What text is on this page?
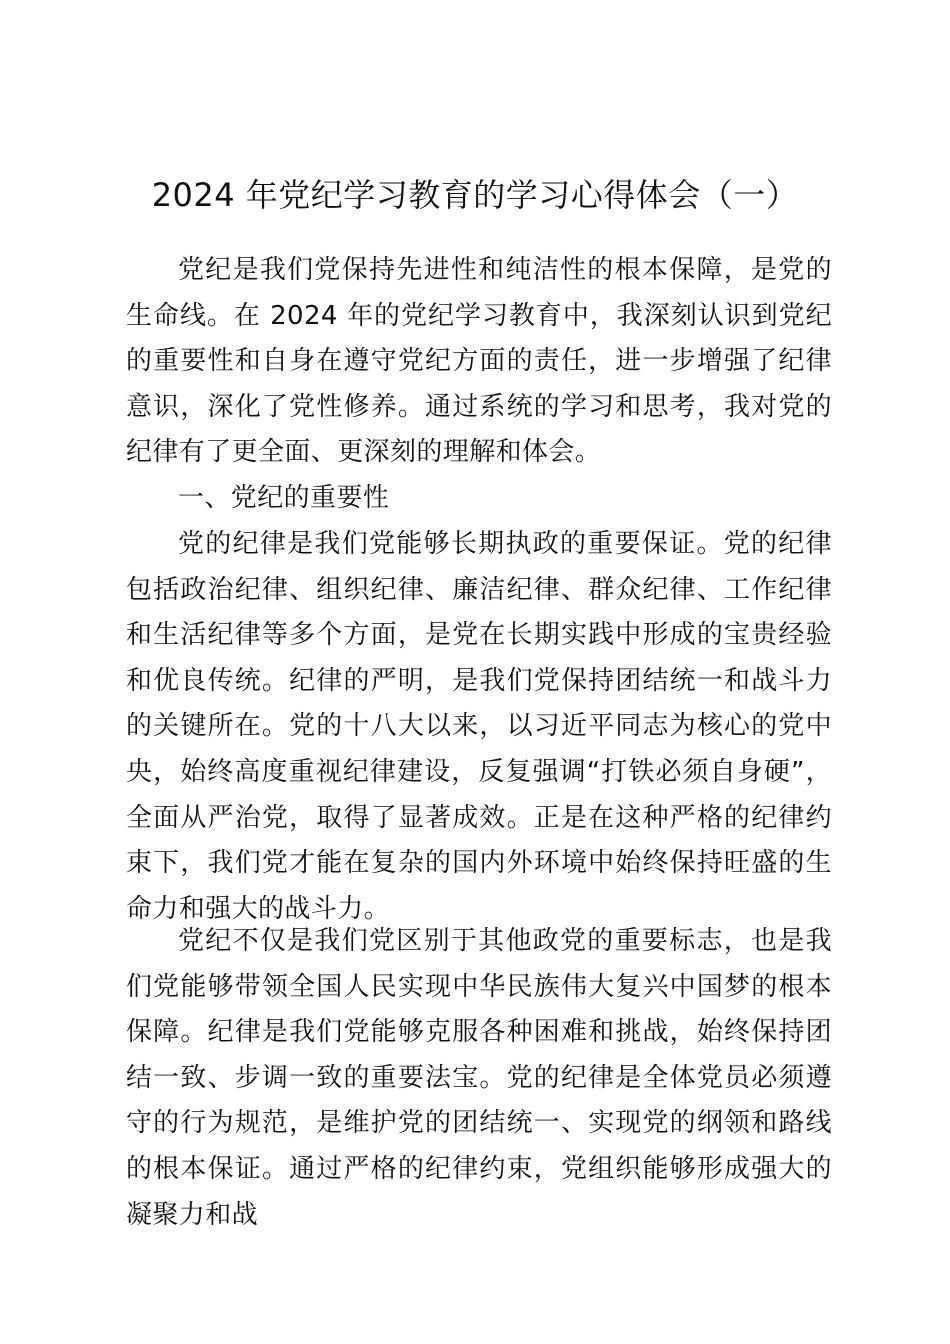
2024 年党纪学习教育的学习心得体会（一）

党纪是我们党保持先进性和纯洁性的根本保障，是党的生命线。在 2024 年的党纪学习教育中，我深刻认识到党纪的重要性和自身在遵守党纪方面的责任，进一步增强了纪律意识，深化了党性修养。通过系统的学习和思考，我对党的纪律有了更全面、更深刻的理解和体会。

一、党纪的重要性

党的纪律是我们党能够长期执政的重要保证。党的纪律包括政治纪律、组织纪律、廉洁纪律、群众纪律、工作纪律和生活纪律等多个方面，是党在长期实践中形成的宝贵经验和优良传统。纪律的严明，是我们党保持团结统一和战斗力的关键所在。党的十八大以来，以习近平同志为核心的党中央，始终高度重视纪律建设，反复强调“打铁必须自身硬”，全面从严治党，取得了显著成效。正是在这种严格的纪律约束下，我们党才能在复杂的国内外环境中始终保持旺盛的生命力和强大的战斗力。

党纪不仅是我们党区别于其他政党的重要标志，也是我们党能够带领全国人民实现中华民族伟大复兴中国梦的根本保障。纪律是我们党能够克服各种困难和挑战，始终保持团结一致、步调一致的重要法宝。党的纪律是全体党员必须遵守的行为规范，是维护党的团结统一、实现党的纲领和路线的根本保证。通过严格的纪律约束，党组织能够形成强大的凝聚力和战
